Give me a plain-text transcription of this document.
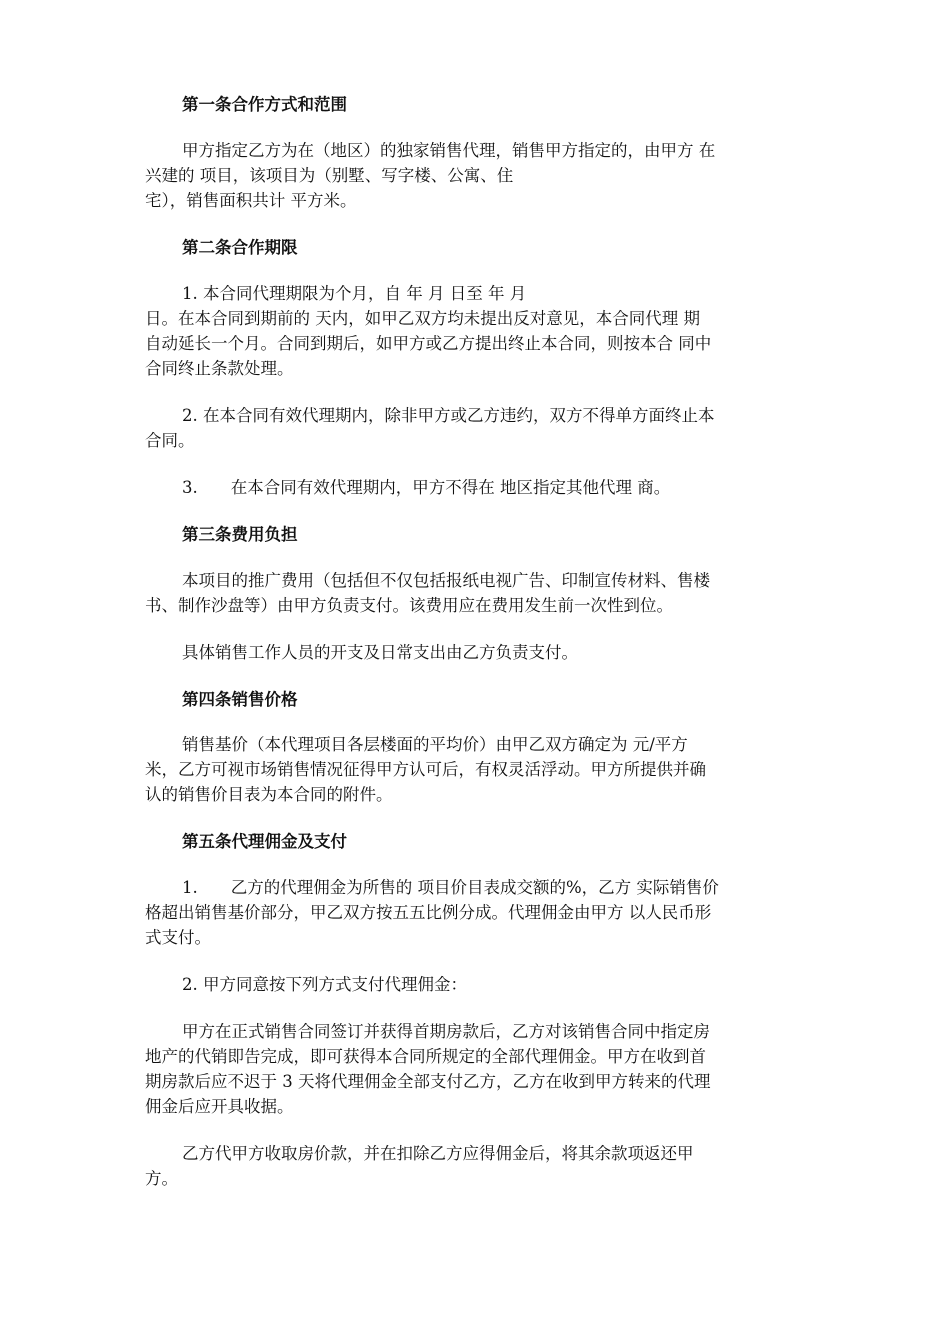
第一条合作方式和范围
甲方指定乙方为在（地区）的独家销售代理，销售甲方指定的，由甲方 在
兴建的 项目，该项目为（别墅、写字楼、公寓、住
宅），销售面积共计 平方米。
第二条合作期限
1. 本合同代理期限为个月，自 年 月 日至 年 月
日。在本合同到期前的 天内，如甲乙双方均未提出反对意见，本合同代理 期
自动延长一个月。合同到期后，如甲方或乙方提出终止本合同，则按本合 同中
合同终止条款处理。
2. 在本合同有效代理期内，除非甲方或乙方违约，双方不得单方面终止本
合同。
3.　　在本合同有效代理期内，甲方不得在 地区指定其他代理 商。
第三条费用负担
本项目的推广费用（包括但不仅包括报纸电视广告、印制宣传材料、售楼
书、制作沙盘等）由甲方负责支付。该费用应在费用发生前一次性到位。
具体销售工作人员的开支及日常支出由乙方负责支付。
第四条销售价格
销售基价（本代理项目各层楼面的平均价）由甲乙双方确定为 元/平方
米，乙方可视市场销售情况征得甲方认可后，有权灵活浮动。甲方所提供并确
认的销售价目表为本合同的附件。
第五条代理佣金及支付
1.　　乙方的代理佣金为所售的 项目价目表成交额的%，乙方 实际销售价
格超出销售基价部分，甲乙双方按五五比例分成。代理佣金由甲方 以人民币形
式支付。
2. 甲方同意按下列方式支付代理佣金：
甲方在正式销售合同签订并获得首期房款后，乙方对该销售合同中指定房
地产的代销即告完成，即可获得本合同所规定的全部代理佣金。甲方在收到首
期房款后应不迟于 3 天将代理佣金全部支付乙方，乙方在收到甲方转来的代理
佣金后应开具收据。
乙方代甲方收取房价款，并在扣除乙方应得佣金后，将其余款项返还甲
方。
